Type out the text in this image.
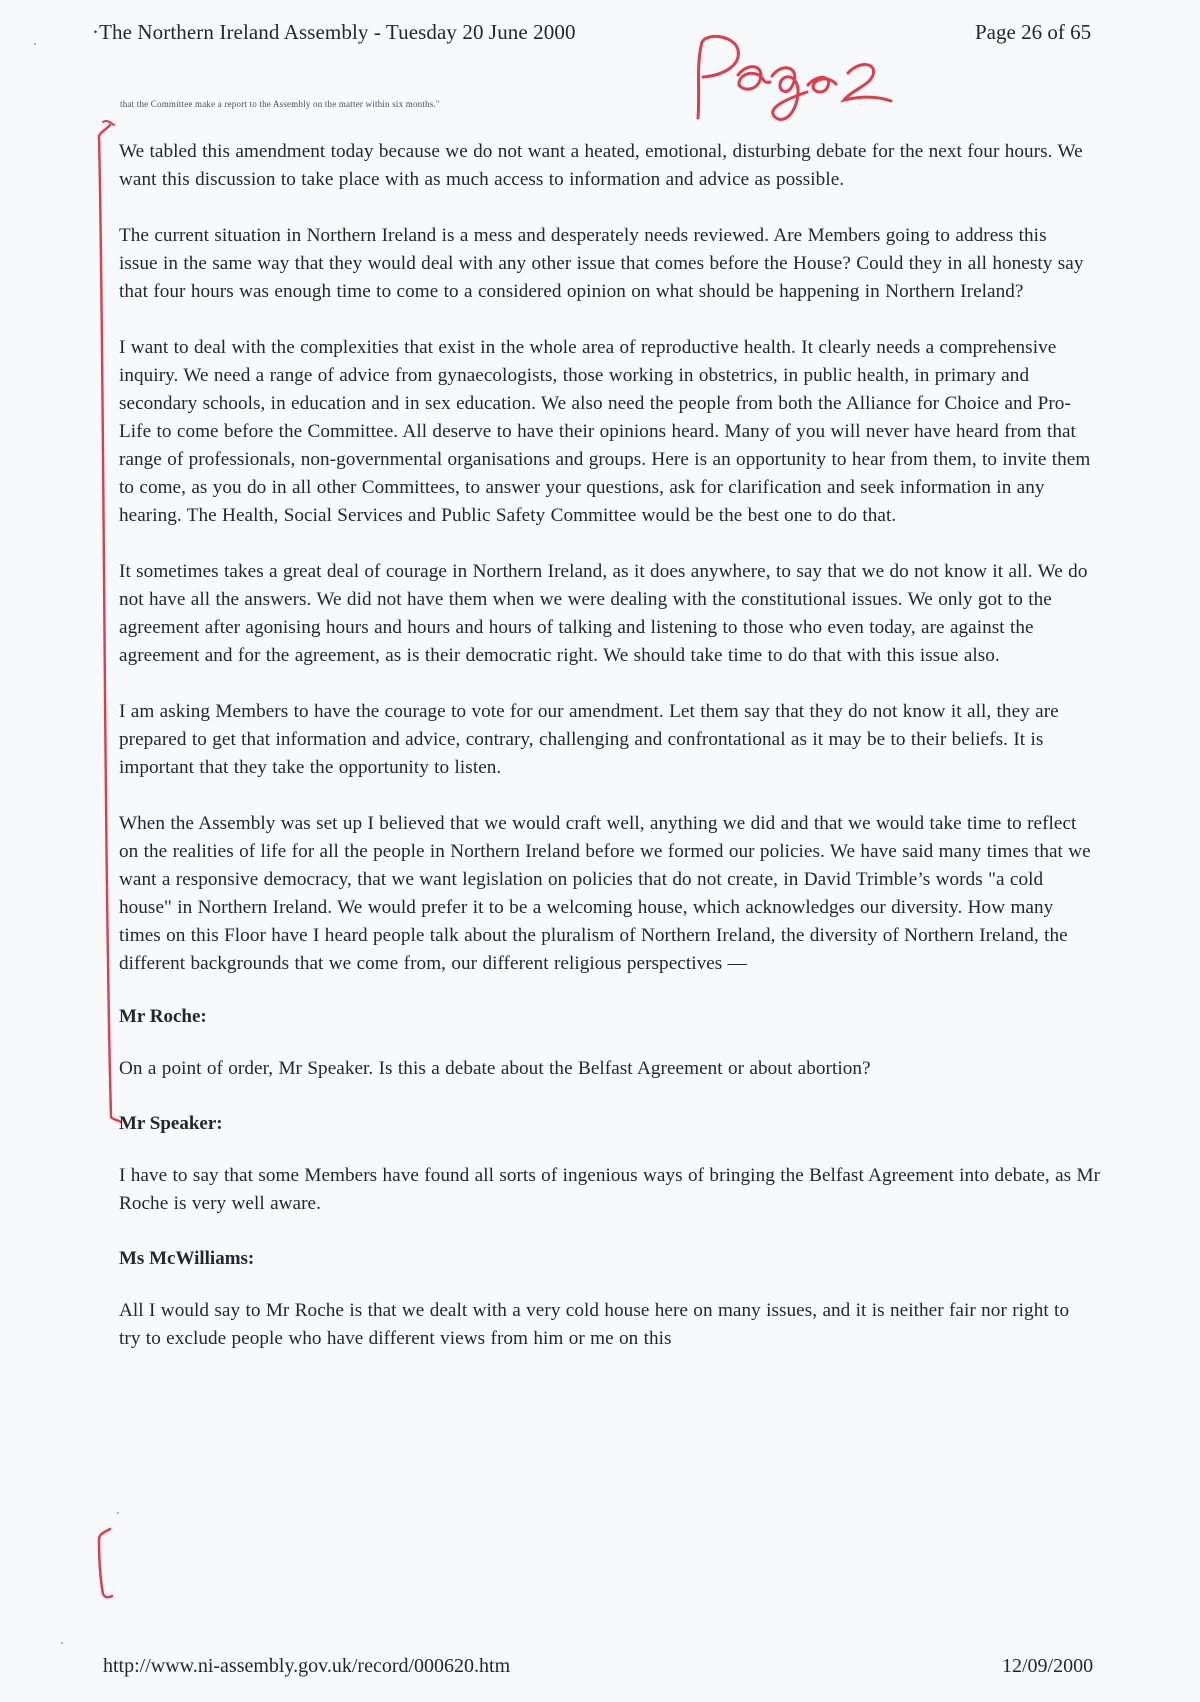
·The Northern Ireland Assembly - Tuesday 20 June 2000	Page 26 of 65
that the Committee make a report to the Assembly on the matter within six months."

We tabled this amendment today because we do not want a heated, emotional, disturbing debate for the next four hours. We want this discussion to take place with as much access to information and advice as possible.

The current situation in Northern Ireland is a mess and desperately needs reviewed. Are Members going to address this issue in the same way that they would deal with any other issue that comes before the House? Could they in all honesty say that four hours was enough time to come to a considered opinion on what should be happening in Northern Ireland?

I want to deal with the complexities that exist in the whole area of reproductive health. It clearly needs a comprehensive inquiry. We need a range of advice from gynaecologists, those working in obstetrics, in public health, in primary and secondary schools, in education and in sex education. We also need the people from both the Alliance for Choice and Pro-Life to come before the Committee. All deserve to have their opinions heard. Many of you will never have heard from that range of professionals, non-governmental organisations and groups. Here is an opportunity to hear from them, to invite them to come, as you do in all other Committees, to answer your questions, ask for clarification and seek information in any hearing. The Health, Social Services and Public Safety Committee would be the best one to do that.

It sometimes takes a great deal of courage in Northern Ireland, as it does anywhere, to say that we do not know it all. We do not have all the answers. We did not have them when we were dealing with the constitutional issues. We only got to the agreement after agonising hours and hours and hours of talking and listening to those who even today, are against the agreement and for the agreement, as is their democratic right. We should take time to do that with this issue also.

I am asking Members to have the courage to vote for our amendment. Let them say that they do not know it all, they are prepared to get that information and advice, contrary, challenging and confrontational as it may be to their beliefs. It is important that they take the opportunity to listen.

When the Assembly was set up I believed that we would craft well, anything we did and that we would take time to reflect on the realities of life for all the people in Northern Ireland before we formed our policies. We have said many times that we want a responsive democracy, that we want legislation on policies that do not create, in David Trimble’s words "a cold house" in Northern Ireland. We would prefer it to be a welcoming house, which acknowledges our diversity. How many times on this Floor have I heard people talk about the pluralism of Northern Ireland, the diversity of Northern Ireland, the different backgrounds that we come from, our different religious perspectives —

Mr Roche:

On a point of order, Mr Speaker. Is this a debate about the Belfast Agreement or about abortion?

Mr Speaker:

I have to say that some Members have found all sorts of ingenious ways of bringing the Belfast Agreement into debate, as Mr Roche is very well aware.

Ms McWilliams:

All I would say to Mr Roche is that we dealt with a very cold house here on many issues, and it is neither fair nor right to try to exclude people who have different views from him or me on this

http://www.ni-assembly.gov.uk/record/000620.htm	12/09/2000
